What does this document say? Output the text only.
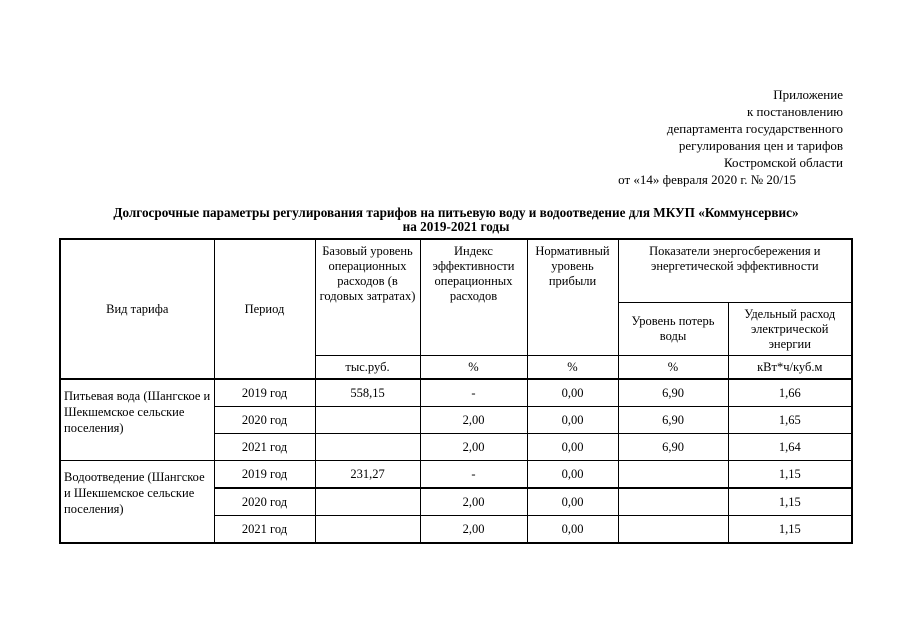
Приложение
к постановлению
департамента государственного
регулирования цен и тарифов
Костромской области
от «14» февраля 2020 г. № 20/15
Долгосрочные параметры регулирования тарифов на питьевую воду и водоотведение для МКУП «Коммунсервис»
на 2019-2021 годы
Вид тарифа	Период	Базовый уровень операционных расходов (в годовых затратах)	Индекс эффективности операционных расходов	Нормативный уровень прибыли	Показатели энергосбережения и энергетической эффективности	
					Уровень потерь воды	Удельный расход электрической энергии
		тыс.руб.	%	%	%	кВт*ч/куб.м
Питьевая вода (Шангское и Шекшемское сельские поселения)	2019 год	558,15	-	0,00	6,90	1,66
	2020 год		2,00	0,00	6,90	1,65
	2021 год		2,00	0,00	6,90	1,64
Водоотведение (Шангское и Шекшемское сельские поселения)	2019 год	231,27	-	0,00		1,15
	2020 год		2,00	0,00		1,15
	2021 год		2,00	0,00		1,15
